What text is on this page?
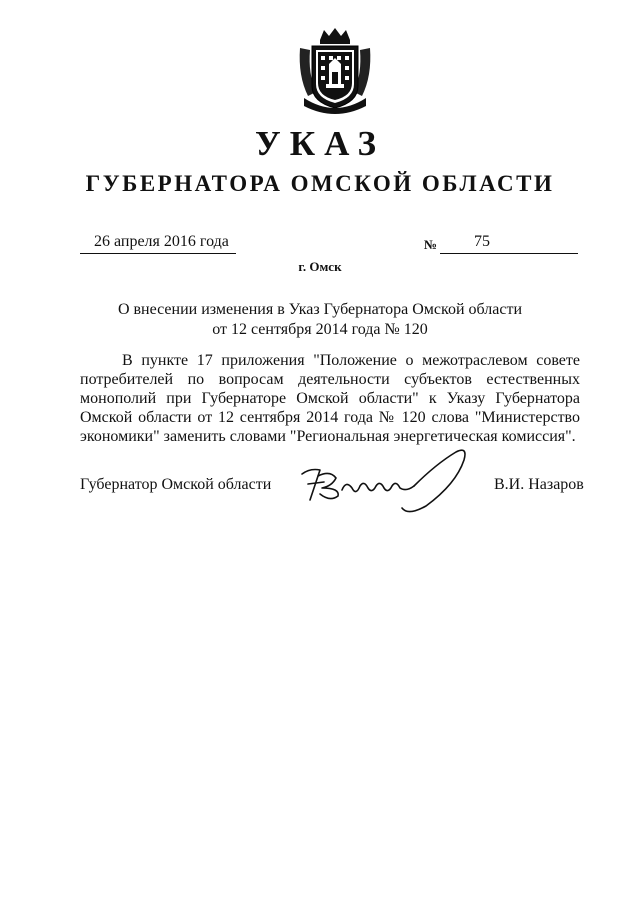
УКАЗ
ГУБЕРНАТОРА ОМСКОЙ ОБЛАСТИ
26 апреля 2016 года	№ 75
г. Омск
О внесении изменения в Указ Губернатора Омской области
от 12 сентября 2014 года № 120

В пункте 17 приложения "Положение о межотраслевом совете потребителей по вопросам деятельности субъектов естественных монополий при Губернаторе Омской области" к Указу Губернатора Омской области от 12 сентября 2014 года № 120 слова "Министерство экономики" заменить словами "Региональная энергетическая комиссия".

Губернатор Омской области	В.И. Назаров
